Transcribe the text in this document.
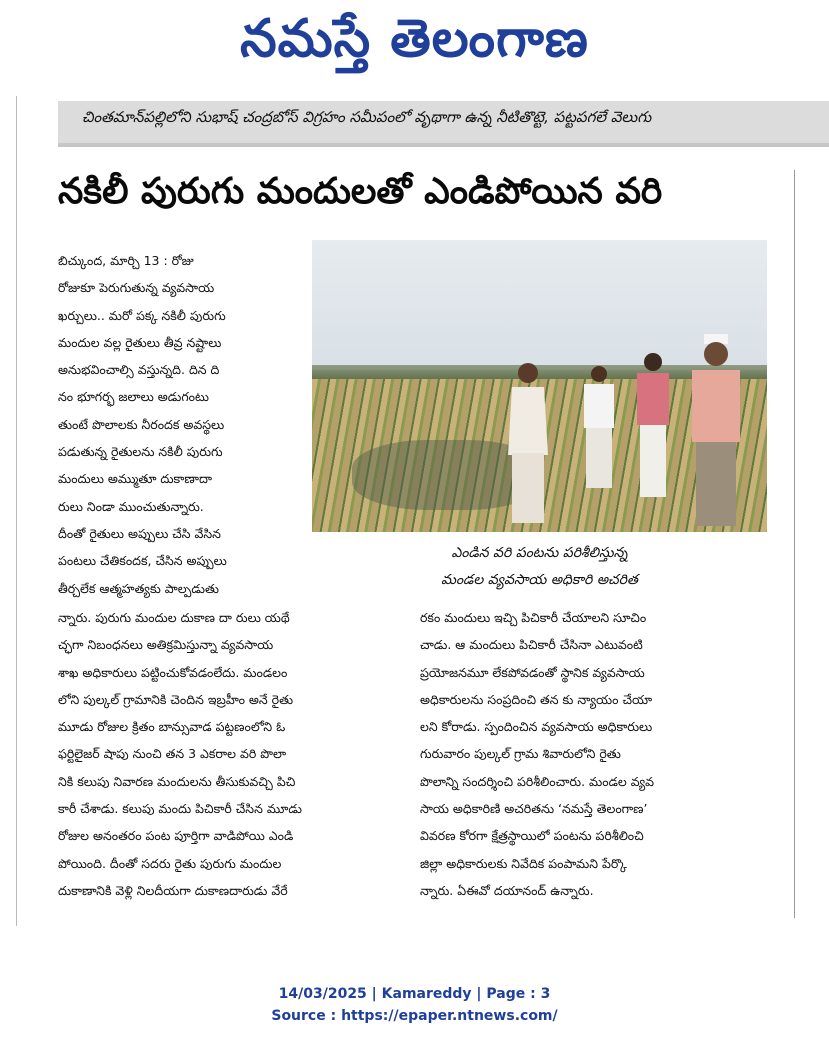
నమస్తే తెలంగాణ
చింతమాన్‌పల్లిలోని సుభాష్ చంద్రబోస్ విగ్రహం సమీపంలో వృథాగా ఉన్న నీటితొట్టె, పట్టపగలే వెలుగు
నకిలీ పురుగు మందులతో ఎండిపోయిన వరి
బిచ్కుంద, మార్చి 13 : రోజు
రోజుకూ పెరుగుతున్న వ్యవసాయ
ఖర్చులు.. మరో పక్క నకిలీ పురుగు
మందుల వల్ల రైతులు తీవ్ర నష్టాలు
అనుభవించాల్సి వస్తున్నది. దిన ది
నం భూగర్భ జలాలు అడుగంటు
తుంటే పొలాలకు నీరందక అవస్థలు
పడుతున్న రైతులను నకిలీ పురుగు
మందులు అమ్ముతూ దుకాణాదా
రులు నిండా ముంచుతున్నారు.
దీంతో రైతులు అప్పులు చేసి వేసిన
పంటలు చేతికందక, చేసిన అప్పులు
తీర్చలేక ఆత్మహత్యకు పాల్పడుతు
ఎండిన వరి పంటను పరిశీలిస్తున్న
మండల వ్యవసాయ అధికారి అచరిత
న్నారు. పురుగు మందుల దుకాణ దా రులు యథే
చ్ఛగా నిబంధనలు అతిక్రమిస్తున్నా వ్యవసాయ
శాఖ అధికారులు పట్టించుకోవడంలేదు. మండలం
లోని పుల్కల్ గ్రామానికి చెందిన ఇబ్రహీం అనే రైతు
మూడు రోజుల క్రితం బాన్సువాడ పట్టణంలోని ఓ
ఫర్టిలైజర్ షాపు నుంచి తన 3 ఎకరాల వరి పొలా
నికి కలుపు నివారణ మందులను తీసుకువచ్చి పిచి
కారీ చేశాడు. కలుపు మందు పిచికారీ చేసిన మూడు
రోజుల అనంతరం పంట పూర్తిగా వాడిపోయి ఎండి
పోయింది. దీంతో సదరు రైతు పురుగు మందుల
దుకాణానికి వెళ్లి నిలదీయగా దుకాణదారుడు వేరే
రకం మందులు ఇచ్చి పిచికారీ చేయాలని సూచిం
చాడు. ఆ మందులు పిచికారీ చేసినా ఎటువంటి
ప్రయోజనమూ లేకపోవడంతో స్థానిక వ్యవసాయ
అధికారులను సంప్రదించి తన కు న్యాయం చేయా
లని కోరాడు. స్పందించిన వ్యవసాయ అధికారులు
గురువారం పుల్కల్ గ్రామ శివారులోని రైతు
పొలాన్ని సందర్శించి పరిశీలించారు. మండల వ్యవ
సాయ అధికారిణి అచరితను ‘నమస్తే తెలంగాణ’
వివరణ కోరగా క్షేత్రస్థాయిలో పంటను పరిశీలించి
జిల్లా అధికారులకు నివేదిక పంపామని పేర్కొ
న్నారు. ఏఈవో దయానంద్ ఉన్నారు.
14/03/2025 | Kamareddy | Page : 3
Source : https://epaper.ntnews.com/
